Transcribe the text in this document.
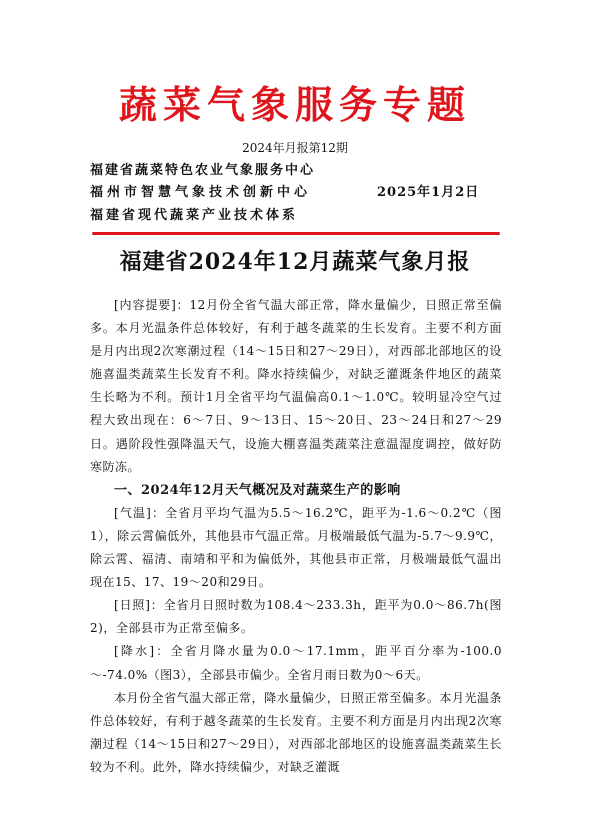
蔬菜气象服务专题
2024年月报第12期
福建省蔬菜特色农业气象服务中心
福州市智慧气象技术创新中心	2025年1月2日
福建省现代蔬菜产业技术体系
福建省2024年12月蔬菜气象月报

[内容提要]：12月份全省气温大部正常，降水量偏少，日照正常至偏多。本月光温条件总体较好，有利于越冬蔬菜的生长发育。主要不利方面是月内出现2次寒潮过程（14～15日和27～29日），对西部北部地区的设施喜温类蔬菜生长发育不利。降水持续偏少，对缺乏灌溉条件地区的蔬菜生长略为不利。预计1月全省平均气温偏高0.1～1.0℃。较明显冷空气过程大致出现在：6～7日、9～13日、15～20日、23～24日和27～29日。遇阶段性强降温天气，设施大棚喜温类蔬菜注意温湿度调控，做好防寒防冻。

一、2024年12月天气概况及对蔬菜生产的影响

[气温]：全省月平均气温为5.5～16.2℃，距平为-1.6～0.2℃（图1），除云霄偏低外，其他县市气温正常。月极端最低气温为-5.7～9.9℃，除云霄、福清、南靖和平和为偏低外，其他县市正常，月极端最低气温出现在15、17、19～20和29日。

[日照]：全省月日照时数为108.4～233.3h，距平为0.0～86.7h(图2)，全部县市为正常至偏多。

[降水]：全省月降水量为0.0～17.1mm，距平百分率为-100.0～-74.0%（图3），全部县市偏少。全省月雨日数为0～6天。

本月份全省气温大部正常，降水量偏少，日照正常至偏多。本月光温条件总体较好，有利于越冬蔬菜的生长发育。主要不利方面是月内出现2次寒潮过程（14～15日和27～29日），对西部北部地区的设施喜温类蔬菜生长较为不利。此外，降水持续偏少，对缺乏灌溉
